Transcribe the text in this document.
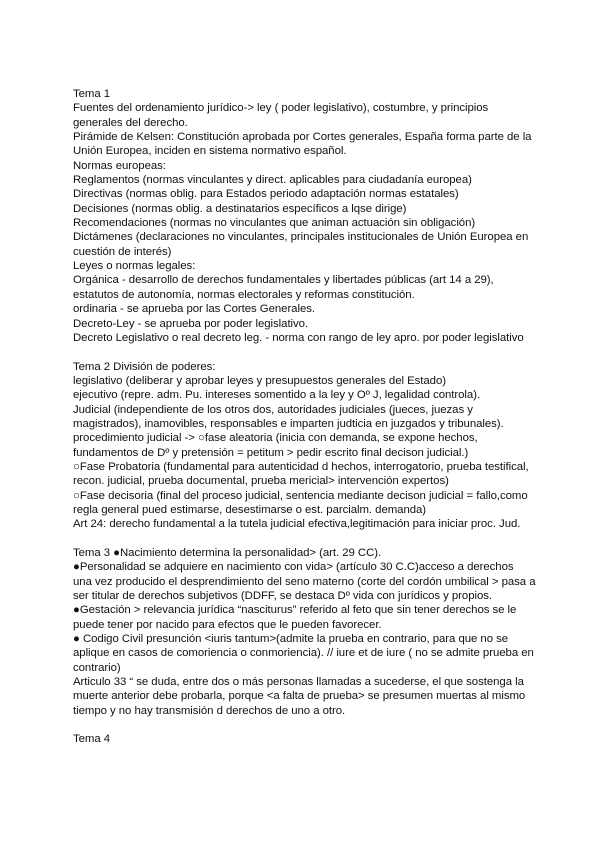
Tema 1
Fuentes del ordenamiento jurídico-> ley ( poder legislativo), costumbre, y principios
generales del derecho.
Pirámide de Kelsen: Constitución aprobada por Cortes generales, España forma parte de la
Unión Europea, inciden en sistema normativo español.
Normas europeas:
Reglamentos (normas vinculantes y direct. aplicables para ciudadanía europea)
Directivas (normas oblig. para Estados periodo adaptación normas estatales)
Decisiones (normas oblig. a destinatarios específicos a lqse dirige)
Recomendaciones (normas no vinculantes que animan actuación sin obligación)
Dictámenes (declaraciones no vinculantes, principales institucionales de Unión Europea en
cuestión de interés)
Leyes o normas legales:
Orgánica - desarrollo de derechos fundamentales y libertades públicas (art 14 a 29),
estatutos de autonomía, normas electorales y reformas constitución.
ordinaria - se aprueba por las Cortes Generales.
Decreto-Ley - se aprueba por poder legislativo.
Decreto Legislativo o real decreto leg. - norma con rango de ley apro. por poder legislativo
Tema 2 División de poderes:
legislativo (deliberar y aprobar leyes y presupuestos generales del Estado)
ejecutivo (repre. adm. Pu. intereses somentido a la ley y Oº J, legalidad controla).
Judicial (independiente de los otros dos, autoridades judiciales (jueces, juezas y
magistrados), inamovibles, responsables e imparten judticia en juzgados y tribunales).
procedimiento judicial -> ○fase aleatoria (inicia con demanda, se expone hechos,
fundamentos de Dº y pretensión = petitum > pedir escrito final decison judicial.)
○Fase Probatoria (fundamental para autenticidad d hechos, interrogatorio, prueba testifical,
recon. judicial, prueba documental, prueba mericial> intervención expertos)
○Fase decisoria (final del proceso judicial, sentencia mediante decison judicial = fallo,como
regla general pued estimarse, desestimarse o est. parcialm. demanda)
Art 24: derecho fundamental a la tutela judicial efectiva,legitimación para iniciar proc. Jud.
Tema 3 ●Nacimiento determina la personalidad> (art. 29 CC).
●Personalidad se adquiere en nacimiento con vida> (artículo 30 C.C)acceso a derechos
una vez producido el desprendimiento del seno materno (corte del cordón umbilical > pasa a
ser titular de derechos subjetivos (DDFF, se destaca Dº vida con jurídicos y propios.
●Gestación > relevancia jurídica “nasciturus” referido al feto que sin tener derechos se le
puede tener por nacido para efectos que le pueden favorecer.
● Codigo Civil presunción <iuris tantum>(admite la prueba en contrario, para que no se
aplique en casos de comoriencia o conmoriencia). // iure et de iure ( no se admite prueba en
contrario)
Articulo 33 “ se duda, entre dos o más personas llamadas a sucederse, el que sostenga la
muerte anterior debe probarla, porque <a falta de prueba> se presumen muertas al mismo
tiempo y no hay transmisión d derechos de uno a otro.
Tema 4
